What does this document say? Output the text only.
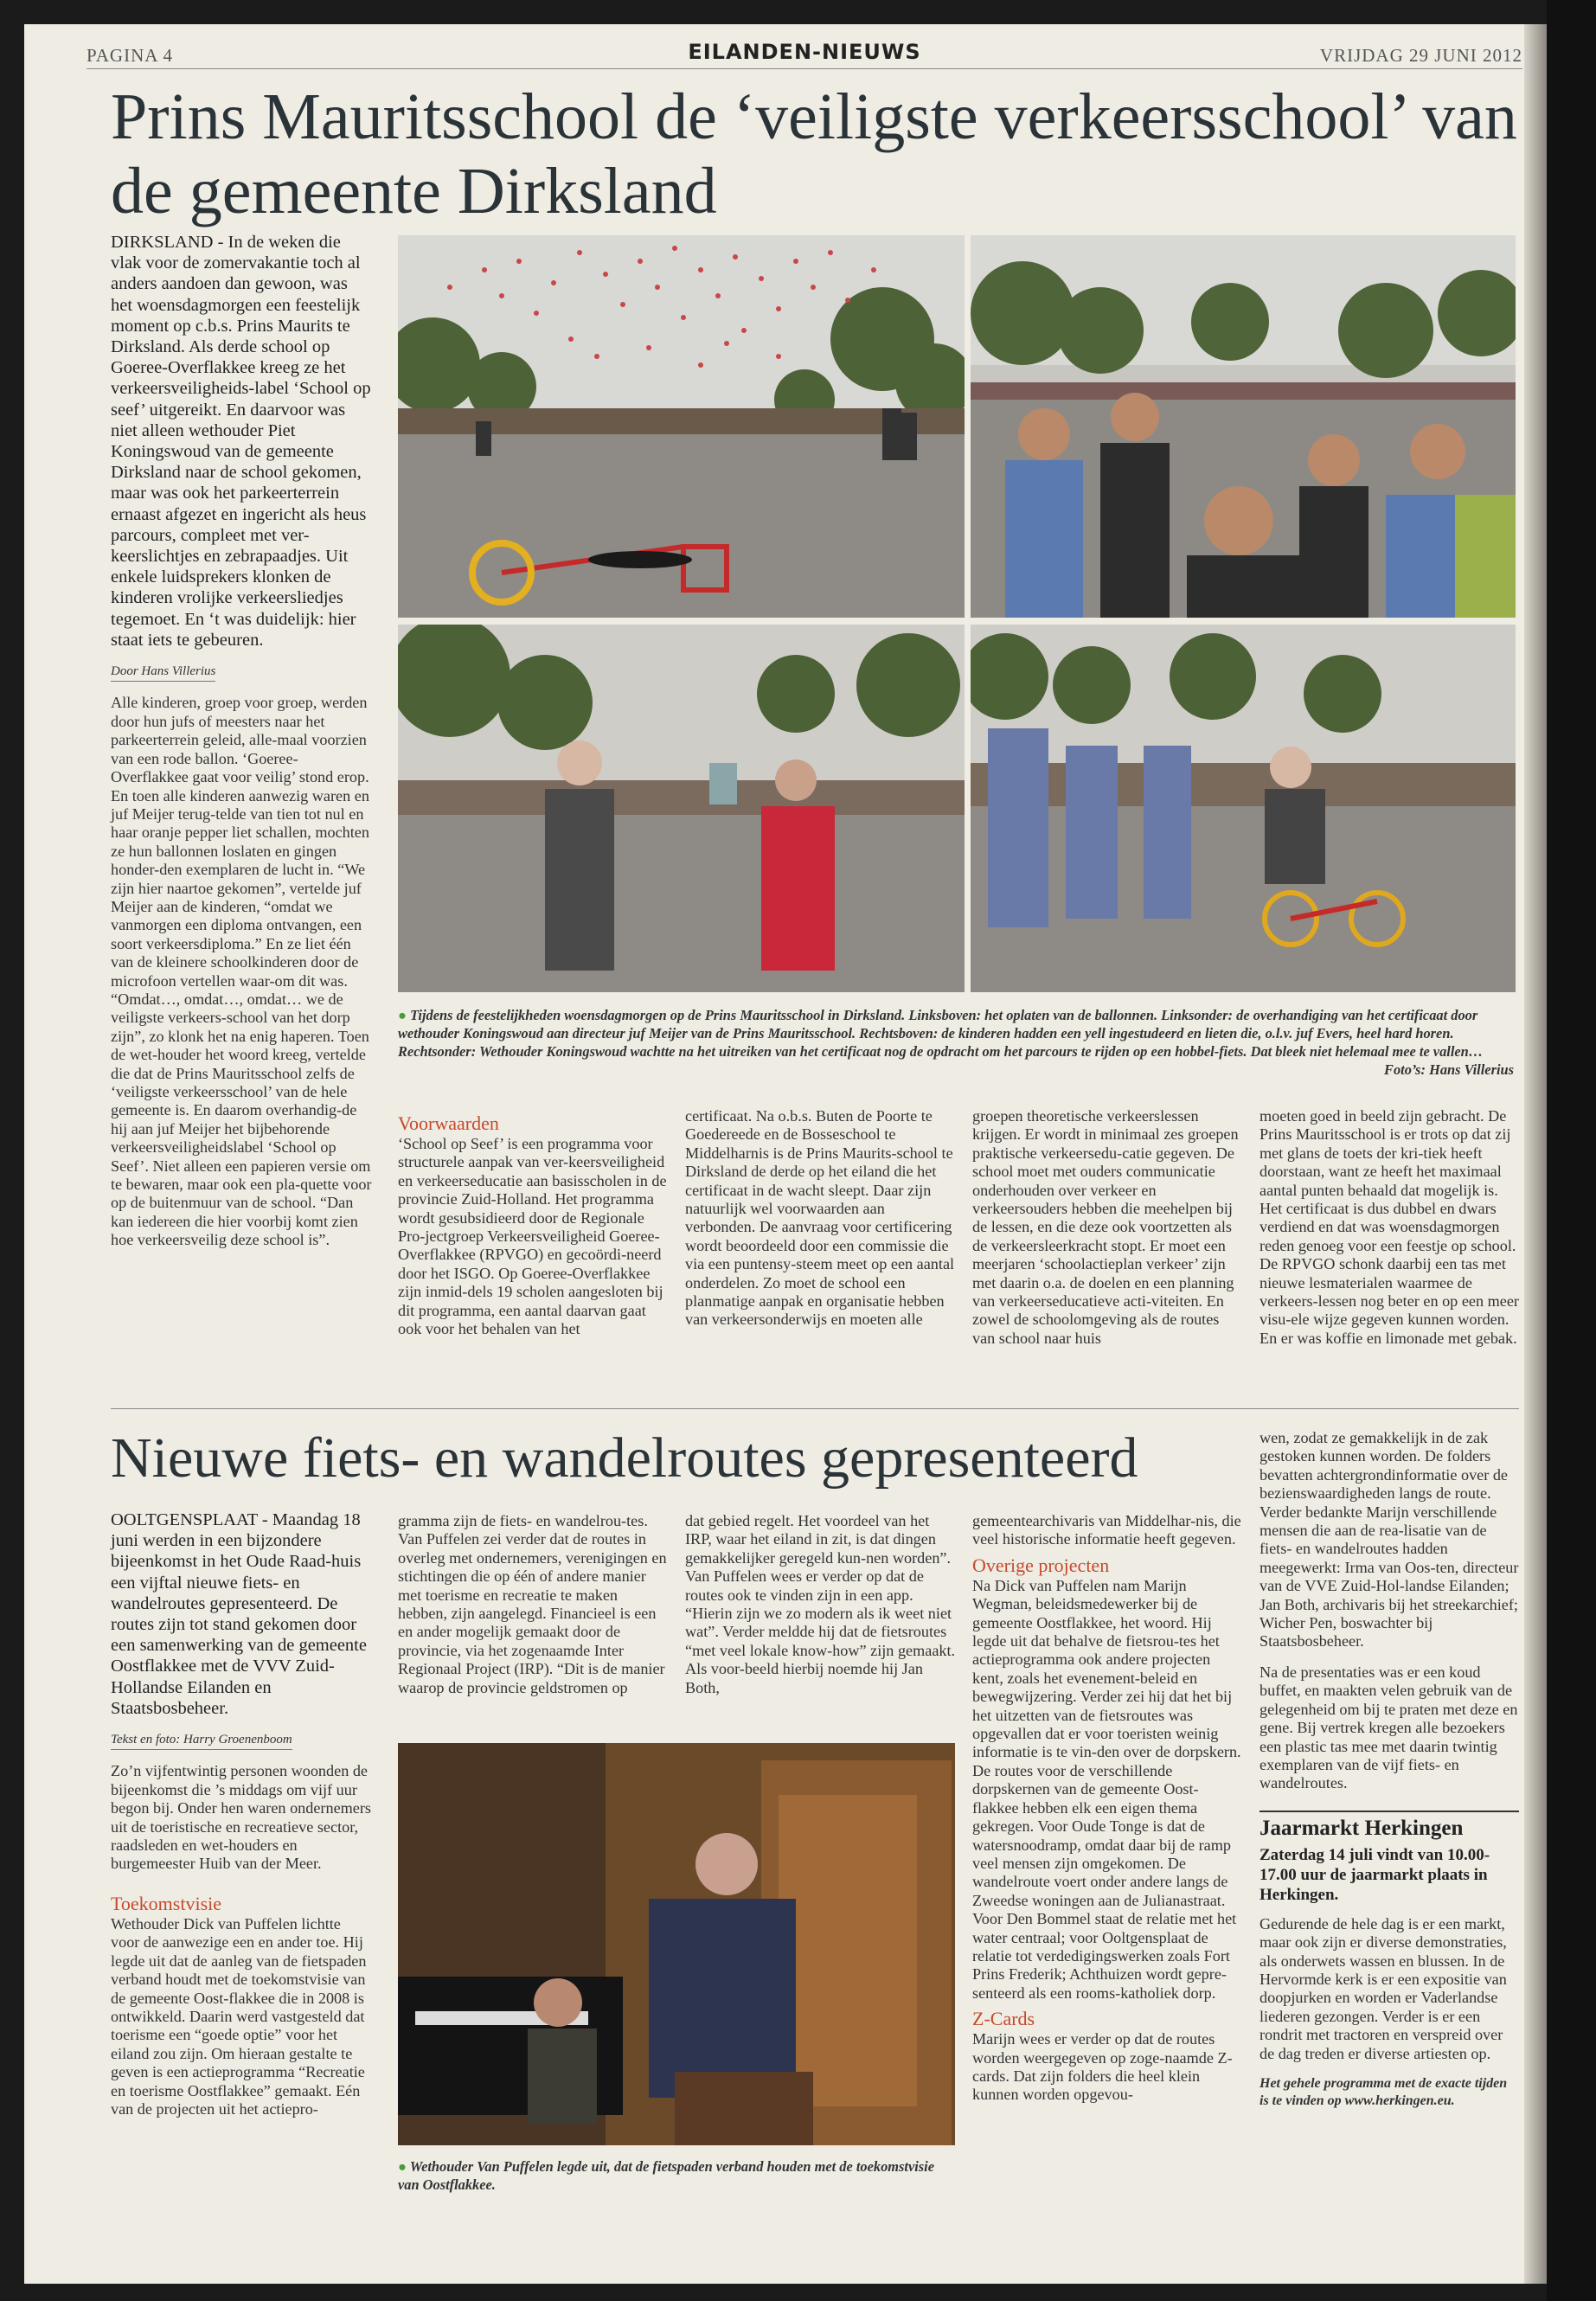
PAGINA 4	EILANDEN-NIEUWS	VRIJDAG 29 JUNI 2012
Prins Mauritsschool de ‘veiligste verkeersschool’ van de gemeente Dirksland

DIRKSLAND - In de weken die vlak voor de zomervakantie toch al anders aandoen dan gewoon, was het woensdagmorgen een feestelijk moment op c.b.s. Prins Maurits te Dirksland. Als derde school op Goeree-Overflakkee kreeg ze het verkeersveiligheids-label ‘School op seef’ uitgereikt. En daarvoor was niet alleen wethouder Piet Koningswoud van de gemeente Dirksland naar de school gekomen, maar was ook het parkeerterrein ernaast afgezet en ingericht als heus parcours, compleet met ver-keerslichtjes en zebrapaadjes. Uit enkele luidsprekers klonken de kinderen vrolijke verkeersliedjes tegemoet. En ‘t was duidelijk: hier staat iets te gebeuren.

Door Hans Villerius

Alle kinderen, groep voor groep, werden door hun jufs of meesters naar het parkeerterrein geleid, alle-maal voorzien van een rode ballon. ‘Goeree-Overflakkee gaat voor veilig’ stond erop. En toen alle kinderen aanwezig waren en juf Meijer terug-telde van tien tot nul en haar oranje pepper liet schallen, mochten ze hun ballonnen loslaten en gingen honder-den exemplaren de lucht in. “We zijn hier naartoe gekomen”, vertelde juf Meijer aan de kinderen, “omdat we vanmorgen een diploma ontvangen, een soort verkeersdiploma.” En ze liet één van de kleinere schoolkinderen door de microfoon vertellen waar-om dit was. “Omdat…, omdat…, omdat… we de veiligste verkeers-school van het dorp zijn”, zo klonk het na enig haperen. Toen de wet-houder het woord kreeg, vertelde die dat de Prins Mauritsschool zelfs de ‘veiligste verkeersschool’ van de hele gemeente is. En daarom overhandig-de hij aan juf Meijer het bijbehorende verkeersveiligheidslabel ‘School op Seef’. Niet alleen een papieren versie om te bewaren, maar ook een pla-quette voor op de buitenmuur van de school. “Dan kan iedereen die hier voorbij komt zien hoe verkeersveilig deze school is”.

● Tijdens de feestelijkheden woensdagmorgen op de Prins Mauritsschool in Dirksland. Linksboven: het oplaten van de ballonnen. Linksonder: de overhandiging van het certificaat door wethouder Koningswoud aan directeur juf Meijer van de Prins Mauritsschool. Rechtsboven: de kinderen hadden een yell ingestudeerd en lieten die, o.l.v. juf Evers, heel hard horen. Rechtsonder: Wethouder Koningswoud wachtte na het uitreiken van het certificaat nog de opdracht om het parcours te rijden op een hobbel-fiets. Dat bleek niet helemaal mee te vallen…
Foto’s: Hans Villerius
Voorwaarden

‘School op Seef’ is een programma voor structurele aanpak van ver-keersveiligheid en verkeerseducatie aan basisscholen in de provincie Zuid-Holland. Het programma wordt gesubsidieerd door de Regionale Pro-jectgroep Verkeersveiligheid Goeree-Overflakkee (RPVGO) en gecoördi-neerd door het ISGO. Op Goeree-Overflakkee zijn inmid-dels 19 scholen aangesloten bij dit programma, een aantal daarvan gaat ook voor het behalen van het

certificaat. Na o.b.s. Buten de Poorte te Goedereede en de Bosseschool te Middelharnis is de Prins Maurits-school te Dirksland de derde op het eiland die het certificaat in de wacht sleept. Daar zijn natuurlijk wel voorwaarden aan verbonden. De aanvraag voor certificering wordt beoordeeld door een commissie die via een puntensy-steem meet op een aantal onderdelen. Zo moet de school een planmatige aanpak en organisatie hebben van verkeersonderwijs en moeten alle

groepen theoretische verkeerslessen krijgen. Er wordt in minimaal zes groepen praktische verkeersedu-catie gegeven. De school moet met ouders communicatie onderhouden over verkeer en verkeersouders hebben die meehelpen bij de lessen, en die deze ook voortzetten als de verkeersleerkracht stopt. Er moet een meerjaren ‘schoolactieplan verkeer’ zijn met daarin o.a. de doelen en een planning van verkeerseducatieve acti-viteiten. En zowel de schoolomgeving als de routes van school naar huis

moeten goed in beeld zijn gebracht. De Prins Mauritsschool is er trots op dat zij met glans de toets der kri-tiek heeft doorstaan, want ze heeft het maximaal aantal punten behaald dat mogelijk is. Het certificaat is dus dubbel en dwars verdiend en dat was woensdagmorgen reden genoeg voor een feestje op school. De RPVGO schonk daarbij een tas met nieuwe lesmaterialen waarmee de verkeers-lessen nog beter en op een meer visu-ele wijze gegeven kunnen worden. En er was koffie en limonade met gebak.

Nieuwe fiets- en wandelroutes gepresenteerd

OOLTGENSPLAAT - Maandag 18 juni werden in een bijzondere bijeenkomst in het Oude Raad-huis een vijftal nieuwe fiets- en wandelroutes gepresenteerd. De routes zijn tot stand gekomen door een samenwerking van de gemeente Oostflakkee met de VVV Zuid-Hollandse Eilanden en Staatsbosbeheer.

Tekst en foto: Harry Groenenboom

Zo’n vijfentwintig personen woonden de bijeenkomst die ’s middags om vijf uur begon bij. Onder hen waren ondernemers uit de toeristische en recreatieve sector, raadsleden en wet-houders en burgemeester Huib van der Meer.

Toekomstvisie

Wethouder Dick van Puffelen lichtte voor de aanwezige een en ander toe. Hij legde uit dat de aanleg van de fietspaden verband houdt met de toekomstvisie van de gemeente Oost-flakkee die in 2008 is ontwikkeld. Daarin werd vastgesteld dat toerisme een “goede optie” voor het eiland zou zijn. Om hieraan gestalte te geven is een actieprogramma “Recreatie en toerisme Oostflakkee” gemaakt. Eén van de projecten uit het actiepro-

gramma zijn de fiets- en wandelrou-tes. Van Puffelen zei verder dat de routes in overleg met ondernemers, verenigingen en stichtingen die op één of andere manier met toerisme en recreatie te maken hebben, zijn aangelegd. Financieel is een en ander mogelijk gemaakt door de provincie, via het zogenaamde Inter Regionaal Project (IRP). “Dit is de manier waarop de provincie geldstromen op

dat gebied regelt. Het voordeel van het IRP, waar het eiland in zit, is dat dingen gemakkelijker geregeld kun-nen worden”. Van Puffelen wees er verder op dat de routes ook te vinden zijn in een app. “Hierin zijn we zo modern als ik weet niet wat”. Verder meldde hij dat de fietsroutes “met veel lokale know-how” zijn gemaakt. Als voor-beeld hierbij noemde hij Jan Both,

● Wethouder Van Puffelen legde uit, dat de fietspaden verband houden met de toekomstvisie van Oostflakkee.

gemeentearchivaris van Middelhar-nis, die veel historische informatie heeft gegeven.

Overige projecten

Na Dick van Puffelen nam Marijn Wegman, beleidsmedewerker bij de gemeente Oostflakkee, het woord. Hij legde uit dat behalve de fietsrou-tes het actieprogramma ook andere projecten kent, zoals het evenement-beleid en bewegwijzering. Verder zei hij dat het bij het uitzetten van de fietsroutes was opgevallen dat er voor toeristen weinig informatie is te vin-den over de dorpskern. De routes voor de verschillende dorpskernen van de gemeente Oost-flakkee hebben elk een eigen thema gekregen. Voor Oude Tonge is dat de watersnoodramp, omdat daar bij de ramp veel mensen zijn omgekomen. De wandelroute voert onder andere langs de Zweedse woningen aan de Julianastraat. Voor Den Bommel staat de relatie met het water centraal; voor Ooltgensplaat de relatie tot verdedigingswerken zoals Fort Prins Frederik; Achthuizen wordt gepre-senteerd als een rooms-katholiek dorp.

Z-Cards

Marijn wees er verder op dat de routes worden weergegeven op zoge-naamde Z-cards. Dat zijn folders die heel klein kunnen worden opgevou-

wen, zodat ze gemakkelijk in de zak gestoken kunnen worden. De folders bevatten achtergrondinformatie over de bezienswaardigheden langs de route. Verder bedankte Marijn verschillende mensen die aan de rea-lisatie van de fiets- en wandelroutes hadden meegewerkt: Irma van Oos-ten, directeur van de VVE Zuid-Hol-landse Eilanden; Jan Both, archivaris bij het streekarchief; Wicher Pen, boswachter bij Staatsbosbeheer.

Na de presentaties was er een koud buffet, en maakten velen gebruik van de gelegenheid om bij te praten met deze en gene. Bij vertrek kregen alle bezoekers een plastic tas mee met daarin twintig exemplaren van de vijf fiets- en wandelroutes.

Jaarmarkt Herkingen

Zaterdag 14 juli vindt van 10.00-17.00 uur de jaarmarkt plaats in Herkingen.

Gedurende de hele dag is er een markt, maar ook zijn er diverse demonstraties, als onderwets wassen en blussen. In de Hervormde kerk is er een expositie van doopjurken en worden er Vaderlandse liederen gezongen. Verder is er een rondrit met tractoren en verspreid over de dag treden er diverse artiesten op.

Het gehele programma met de exacte tijden is te vinden op www.herkingen.eu.
